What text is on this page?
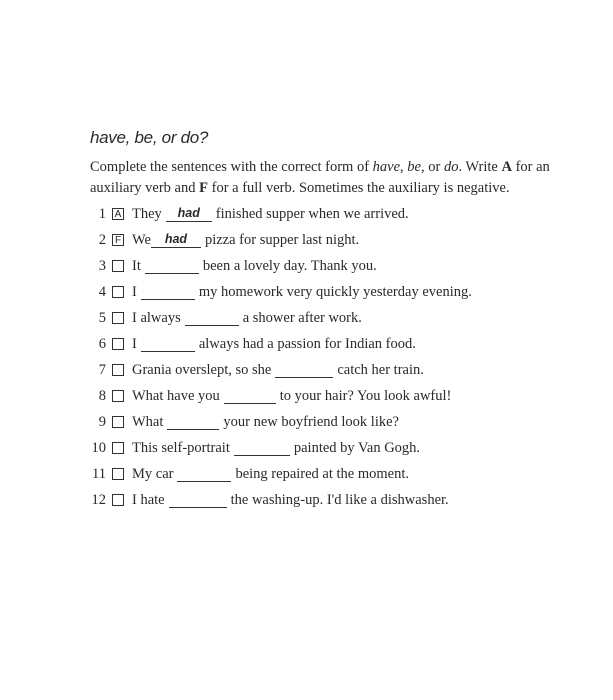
have, be, or do?
Complete the sentences with the correct form of have, be, or do. Write A for an auxiliary verb and F for a full verb. Sometimes the auxiliary is negative.
1 A They	had	finished supper when we arrived.
2 F We	had	pizza for supper last night.
3 It	been a lovely day. Thank you.
4 I	my homework very quickly yesterday evening.
5 I always	a shower after work.
6 I	always had a passion for Indian food.
7 Grania overslept, so she	catch her train.
8 What have you	to your hair? You look awful!
9 What	your new boyfriend look like?
10 This self-portrait	painted by Van Gogh.
11 My car	being repaired at the moment.
12 I hate	the washing-up. I'd like a dishwasher.
